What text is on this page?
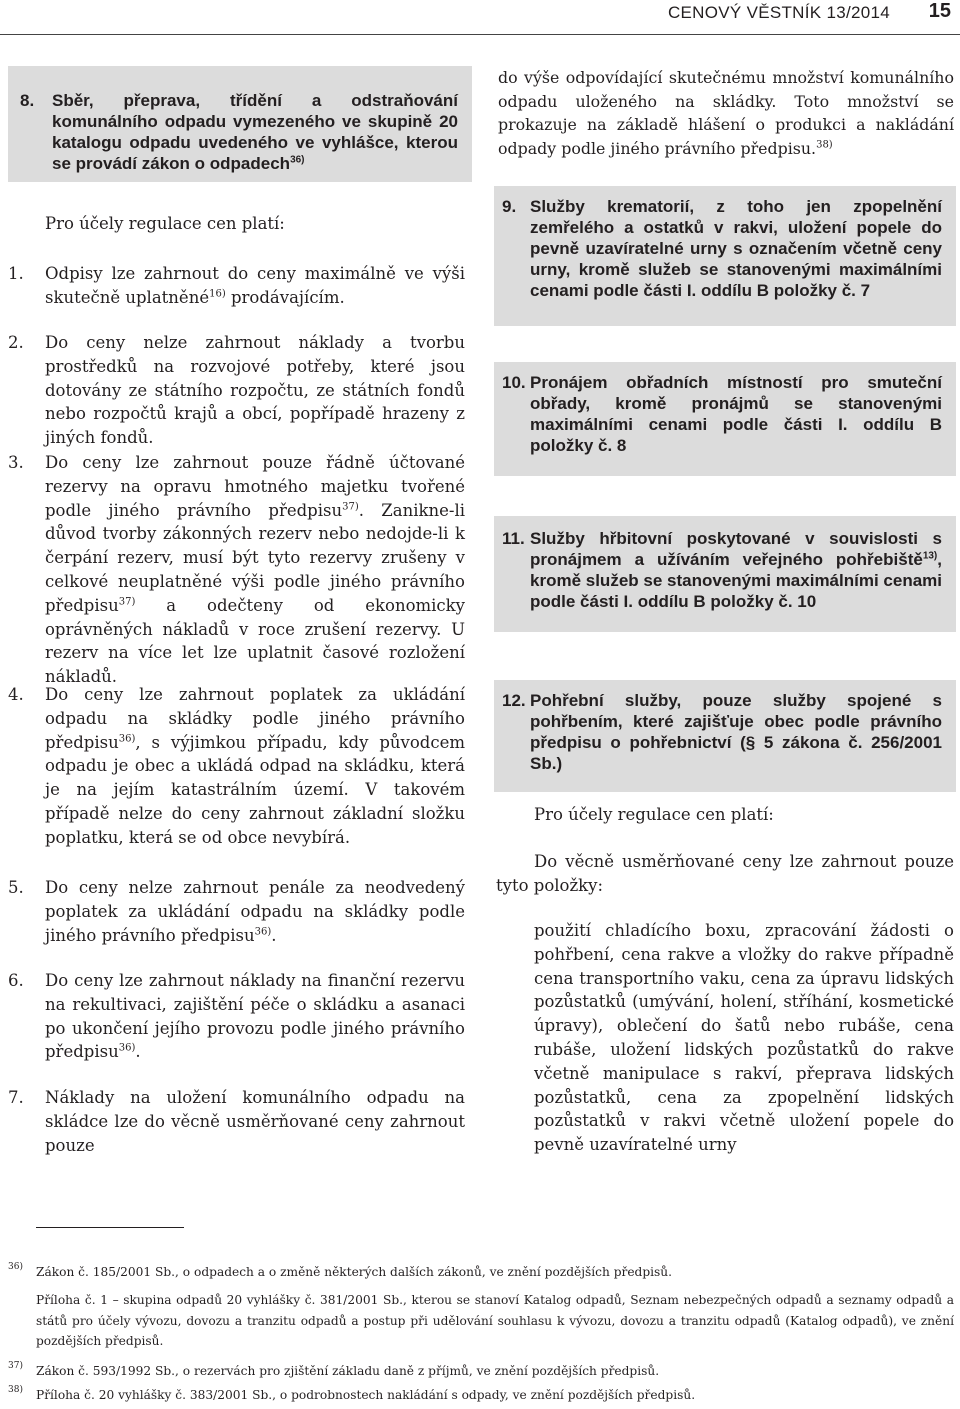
CENOVÝ VĚSTNÍK 13/2014 15
8. Sběr, přeprava, třídění a odstraňování komunálního odpadu vymezeného ve skupině 20 katalogu odpadu uvedeného ve vyhlášce, kterou se provádí zákon o odpadech$^{36)}$
Pro účely regulace cen platí:
1. Odpisy lze zahrnout do ceny maximálně ve výši skutečně uplatněné$^{16)}$ prodávajícím.
2. Do ceny nelze zahrnout náklady a tvorbu prostředků na rozvojové potřeby, které jsou dotovány ze státního rozpočtu, ze státních fondů nebo rozpočtů krajů a obcí, popřípadě hrazeny z jiných fondů.
3. Do ceny lze zahrnout pouze řádně účtované rezervy na opravu hmotného majetku tvořené podle jiného právního předpisu$^{37)}$. Zanikne-li důvod tvorby zákonných rezerv nebo nedojde-li k čerpání rezerv, musí být tyto rezervy zrušeny v celkové neuplatněné výši podle jiného právního předpisu$^{37)}$ a odečteny od ekonomicky oprávněných nákladů v roce zrušení rezervy. U rezerv na více let lze uplatnit časové rozložení nákladů.
4. Do ceny lze zahrnout poplatek za ukládání odpadu na skládky podle jiného právního předpisu$^{36)}$, s výjimkou případu, kdy původcem odpadu je obec a ukládá odpad na skládku, která je na jejím katastrálním území. V takovém případě nelze do ceny zahrnout základní složku poplatku, která se od obce nevybírá.
5. Do ceny nelze zahrnout penále za neodvedený poplatek za ukládání odpadu na skládky podle jiného právního předpisu$^{36)}$.
6. Do ceny lze zahrnout náklady na finanční rezervu na rekultivaci, zajištění péče o skládku a asanaci po ukončení jejího provozu podle jiného právního předpisu$^{36)}$.
7. Náklady na uložení komunálního odpadu na skládce lze do věcně usměrňované ceny zahrnout pouze
do výše odpovídající skutečnému množství komunálního odpadu uloženého na skládky. Toto množství se prokazuje na základě hlášení o produkci a nakládání odpady podle jiného právního předpisu.$^{38)}$
9. Služby krematorií, z toho jen zpopelnění zemřelého a ostatků v rakvi, uložení popele do pevně uzavíratelné urny s označením včetně ceny urny, kromě služeb se stanovenými maximálními cenami podle části I. oddílu B položky č. 7
10. Pronájem obřadních místností pro smuteční obřady, kromě pronájmů se stanovenými maximálními cenami podle části I. oddílu B položky č. 8
11. Služby hřbitovní poskytované v souvislosti s pronájmem a užíváním veřejného pohřebiště$^{13)}$, kromě služeb se stanovenými maximálními cenami podle části I. oddílu B položky č. 10
12. Pohřební služby, pouze služby spojené s pohřbením, které zajišťuje obec podle právního předpisu o pohřebnictví (§ 5 zákona č. 256/2001 Sb.)
Pro účely regulace cen platí:
Do věcně usměrňované ceny lze zahrnout pouze tyto položky:
použití chladícího boxu, zpracování žádosti o pohřbení, cena rakve a vložky do rakve případně cena transportního vaku, cena za úpravu lidských pozůstatků (umývání, holení, stříhání, kosmetické úpravy), oblečení do šatů nebo rubáše, cena rubáše, uložení lidských pozůstatků do rakve včetně manipulace s rakví, přeprava lidských pozůstatků, cena za zpopelnění lidských pozůstatků v rakvi včetně uložení popele do pevně uzavíratelné urny
36) Zákon č. 185/2001 Sb., o odpadech a o změně některých dalších zákonů, ve znění pozdějších předpisů.
Příloha č. 1 – skupina odpadů 20 vyhlášky č. 381/2001 Sb., kterou se stanoví Katalog odpadů, Seznam nebezpečných odpadů a seznamy odpadů a států pro účely vývozu, dovozu a tranzitu odpadů a postup při udělování souhlasu k vývozu, dovozu a tranzitu odpadů (Katalog odpadů), ve znění pozdějších předpisů.
37) Zákon č. 593/1992 Sb., o rezervách pro zjištění základu daně z příjmů, ve znění pozdějších předpisů.
38) Příloha č. 20 vyhlášky č. 383/2001 Sb., o podrobnostech nakládání s odpady, ve znění pozdějších předpisů.
